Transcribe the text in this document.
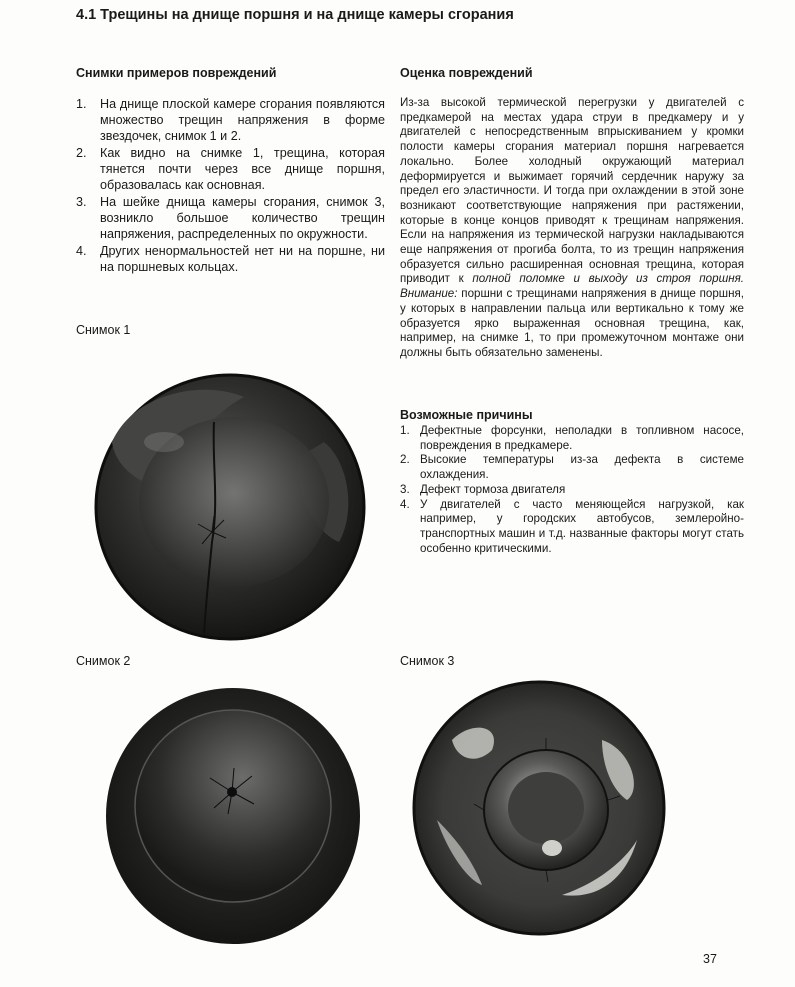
4.1 Трещины на днище поршня и на днище камеры сгорания
Снимки примеров повреждений
1. На днище плоской камере сгорания появляются множество трещин напряжения в форме звездочек, снимок 1 и 2.
2. Как видно на снимке 1, трещина, которая тянется почти через все днище поршня, образовалась как основная.
3. На шейке днища камеры сгорания, снимок 3, возникло большое количество трещин напряжения, распределенных по окружности.
4. Других ненормальностей нет ни на поршне, ни на поршневых кольцах.
Снимок 1
Снимок 2
Оценка повреждений

Из-за высокой термической перегрузки у двигателей с предкамерой на местах удара струи в предкамеру и у двигателей с непосредственным впрыскиванием у кромки полости камеры сгорания материал поршня нагревается локально. Более холодный окружающий материал деформируется и выжимает горячий сердечник наружу за предел его эластичности. И тогда при охлаждении в этой зоне возникают соответствующие напряжения при растяжении, которые в конце концов приводят к трещинам напряжения. Если на напряжения из термической нагрузки накладываются еще напряжения от прогиба болта, то из трещин напряжения образуется сильно расширенная основная трещина, которая приводит к полной поломке и выходу из строя поршня. Внимание: поршни с трещинами напряжения в днище поршня, у которых в направлении пальца или вертикально к тому же образуется ярко выраженная основная трещина, как, например, на снимке 1, то при промежуточном монтаже они должны быть обязательно заменены.

Возможные причины
1. Дефектные форсунки, неполадки в топливном насосе, повреждения в предкамере.
2. Высокие температуры из-за дефекта в системе охлаждения.
3. Дефект тормоза двигателя
4. У двигателей с часто меняющейся нагрузкой, как например, у городских автобусов, землеройно-транспортных машин и т.д. названные факторы могут стать особенно критическими.
Снимок 3
37
